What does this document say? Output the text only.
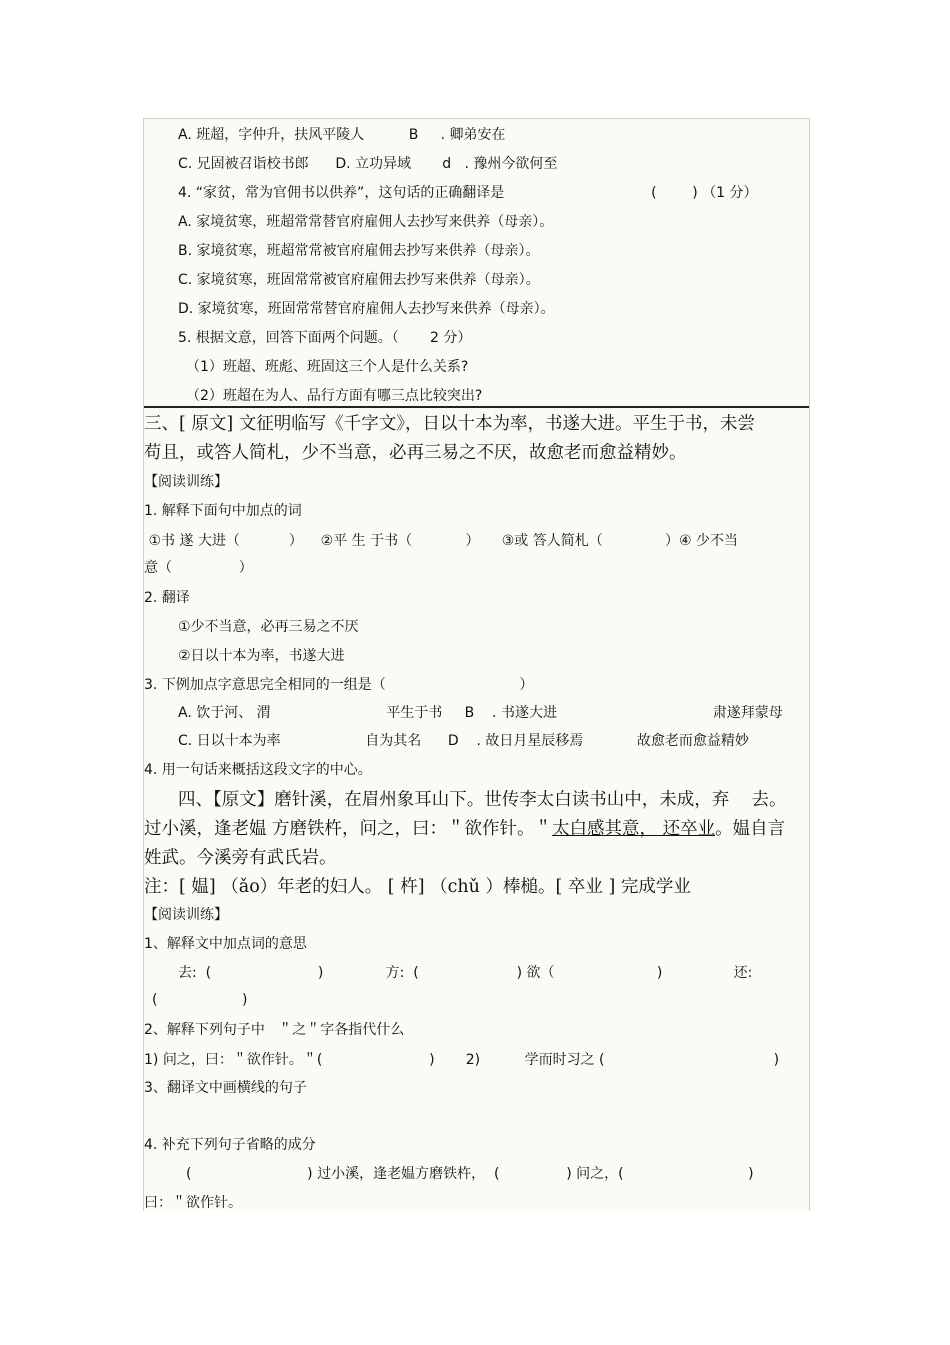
A. 班超，字仲升，扶风平陵人          B     . 卿弟安在
C. 兄固被召诣校书郎      D. 立功异域       d   . 豫州今欲何至
4. “家贫，常为官佣书以供养”，这句话的正确翻译是                                 (        ) （1 分）
A. 家境贫寒，班超常常替官府雇佣人去抄写来供养（母亲）。
B. 家境贫寒，班超常常被官府雇佣去抄写来供养（母亲）。
C. 家境贫寒，班固常常被官府雇佣去抄写来供养（母亲）。
D. 家境贫寒，班固常常替官府雇佣人去抄写来供养（母亲）。
5. 根据文意，回答下面两个问题。（       2 分）
（1）班超、班彪、班固这三个人是什么关系?
（2）班超在为人、品行方面有哪三点比较突出?
三、[ 原文] 文征明临写《千字文》，日以十本为率，书遂大进。平生于书，未尝
苟且，或答人简札，少不当意，必再三易之不厌，故愈老而愈益精妙。
【阅读训练】
1. 解释下面句中加点的词
①书 遂 大进（           ）    ②平 生 于书（            ）     ③或 答人简札（              ）④ 少不当
意（               ）
2. 翻译
①少不当意，必再三易之不厌
②日以十本为率，书遂大进
3. 下例加点字意思完全相同的一组是（                              ）
A. 饮于河、 渭                          平生于书     B    . 书遂大进                                   肃遂拜蒙母
C. 日以十本为率                   自为其名      D    . 故日月星辰移焉            故愈老而愈益精妙
4. 用一句话来概括这段文字的中心。
四、【原文】磨针溪，在眉州象耳山下。世传李太白读书山中，未成，弃    去。
过小溪，逢老媪 方磨铁杵，问之，曰：＂欲作针。＂太白感其意， 还卒业。媪自言
姓武。今溪旁有武氏岩。
注：[ 媪] （ǎo）年老的妇人。 [ 杵] （chǔ ）棒槌。[ 卒业 ] 完成学业
【阅读训练】
1、解释文中加点词的意思
去:  (                        )              方:  (                      ) 欲（                       )                还:
(                   )
2、解释下列句子中   ＂之＂字各指代什么
1) 问之，曰：＂欲作针。＂(                        )       2)          学而时习之 (                                      )
3、翻译文中画横线的句子
4. 补充下列句子省略的成分
(                          ) 过小溪，逢老媪方磨铁杵，  (               ) 问之，(                            )
曰：＂欲作针。
